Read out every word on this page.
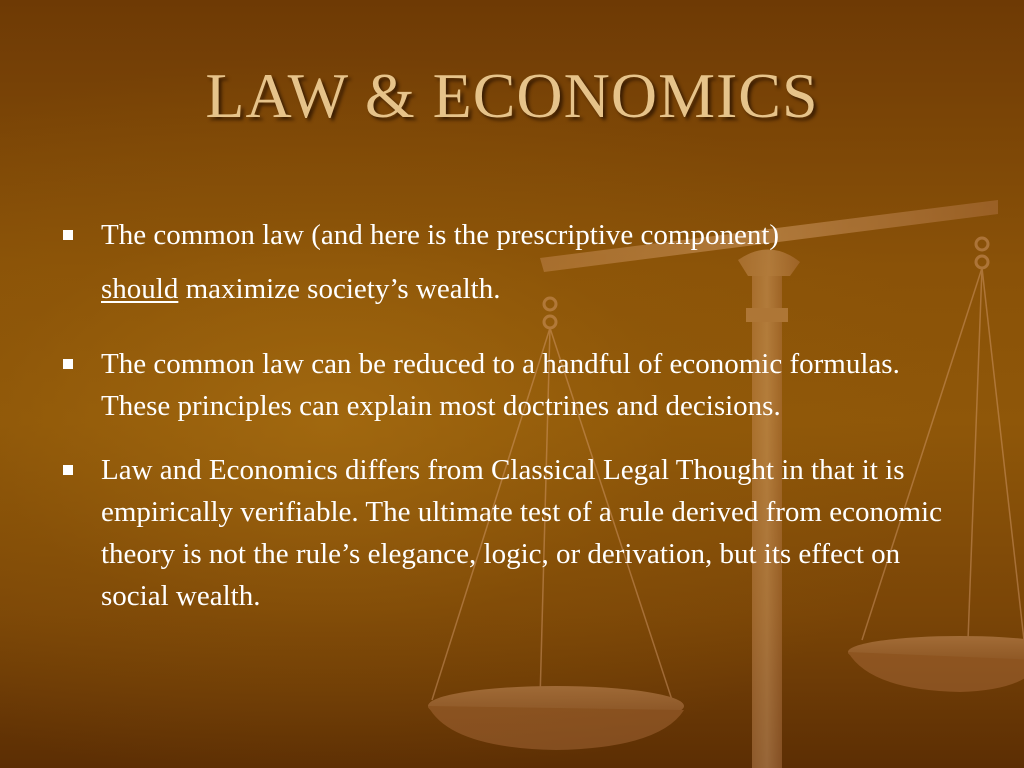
LAW & ECONOMICS
The common law (and here is the prescriptive component)
should maximize society’s wealth.
The common law can be reduced to a handful of economic formulas. These principles can explain most doctrines and decisions.
Law and Economics differs from Classical Legal Thought in that it is empirically verifiable. The ultimate test of a rule derived from economic theory is not the rule’s elegance, logic, or derivation, but its effect on social wealth.
